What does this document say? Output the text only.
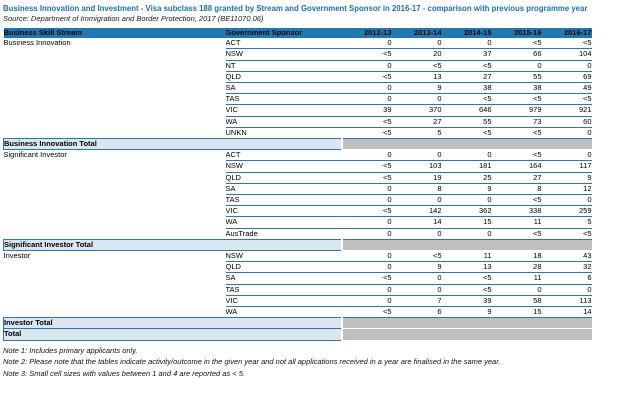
Business Innovation and Investment - Visa subclass 188 granted by Stream and Government Sponsor in 2016-17 - comparison with previous programme year
Source: Department of Immigration and Border Protection, 2017 (BE11070.06)
Business Skill Stream	Government Sponsor	2012-13	2013-14	2014-15	2015-16	2016-17
Business Innovation	ACT	0	0	0	<5	<5
	NSW	<5	20	37	66	104
	NT	0	<5	<5	0	0
	QLD	<5	13	27	55	69
	SA	0	9	38	38	49
	TAS	0	0	<5	<5	<5
	VIC	39	370	646	979	921
	WA	<5	27	55	73	60
	UNKN	<5	5	<5	<5	0
Business Innovation Total						
Significant Investor	ACT	0	0	0	<5	0
	NSW	<5	103	181	164	117
	QLD	<5	19	25	27	9
	SA	0	8	9	8	12
	TAS	0	0	0	<5	0
	VIC	<5	142	362	338	259
	WA	0	14	15	11	5
	AusTrade	0	0	0	<5	<5
Significant Investor Total						
Investor	NSW	0	<5	11	18	43
	QLD	0	9	13	28	32
	SA	<5	0	<5	11	6
	TAS	0	0	<5	0	0
	VIC	0	7	39	58	113
	WA	<5	6	9	15	14
Investor Total						
Total						
Note 1: Includes primary applicants only.
Note 2: Please note that the tables indicate activity/outcome in the given year and not all applications received in a year are finalised in the same year.
Note 3: Small cell sizes with values between 1 and 4 are reported as < 5.
